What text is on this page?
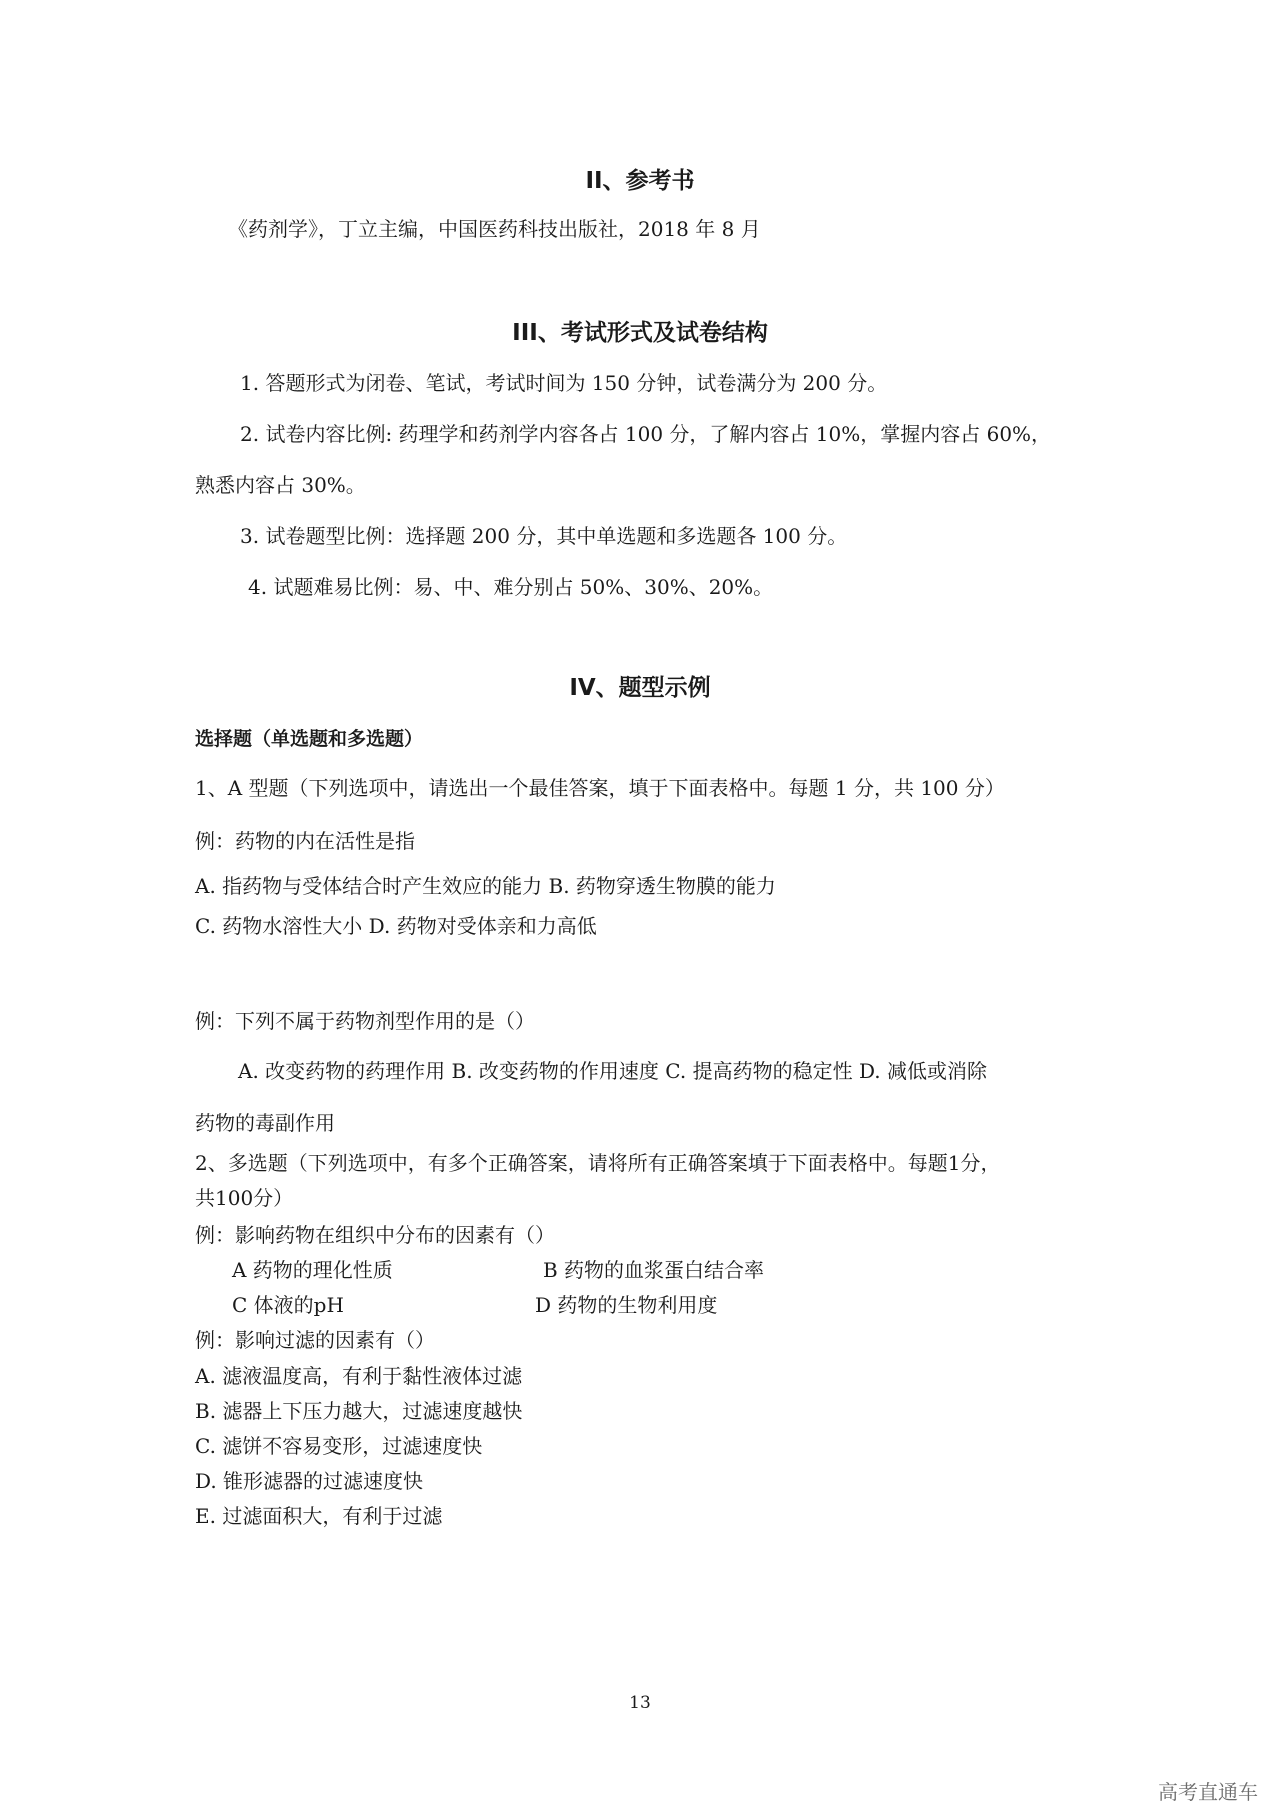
II、参考书
《药剂学》，丁立主编，中国医药科技出版社，2018 年 8 月
III、考试形式及试卷结构
1. 答题形式为闭卷、笔试，考试时间为 150 分钟，试卷满分为 200 分。
2. 试卷内容比例: 药理学和药剂学内容各占 100 分，了解内容占 10%，掌握内容占 60%，
熟悉内容占 30%。
3. 试卷题型比例：选择题 200 分，其中单选题和多选题各 100 分。
4. 试题难易比例：易、中、难分别占 50%、30%、20%。
IV、题型示例
选择题（单选题和多选题）
1、A 型题（下列选项中，请选出一个最佳答案，填于下面表格中。每题 1 分，共 100 分）
例：药物的内在活性是指
A. 指药物与受体结合时产生效应的能力 B. 药物穿透生物膜的能力
C. 药物水溶性大小 D. 药物对受体亲和力高低
例：下列不属于药物剂型作用的是（）
A. 改变药物的药理作用 B. 改变药物的作用速度 C. 提高药物的稳定性 D. 减低或消除
药物的毒副作用
2、多选题（下列选项中，有多个正确答案，请将所有正确答案填于下面表格中。每题1分，
共100分）
例：影响药物在组织中分布的因素有（）
A 药物的理化性质	B 药物的血浆蛋白结合率
C 体液的pH	D 药物的生物利用度
例：影响过滤的因素有（）
A. 滤液温度高，有利于黏性液体过滤
B. 滤器上下压力越大，过滤速度越快
C. 滤饼不容易变形，过滤速度快
D. 锥形滤器的过滤速度快
E. 过滤面积大，有利于过滤
13
高考直通车
